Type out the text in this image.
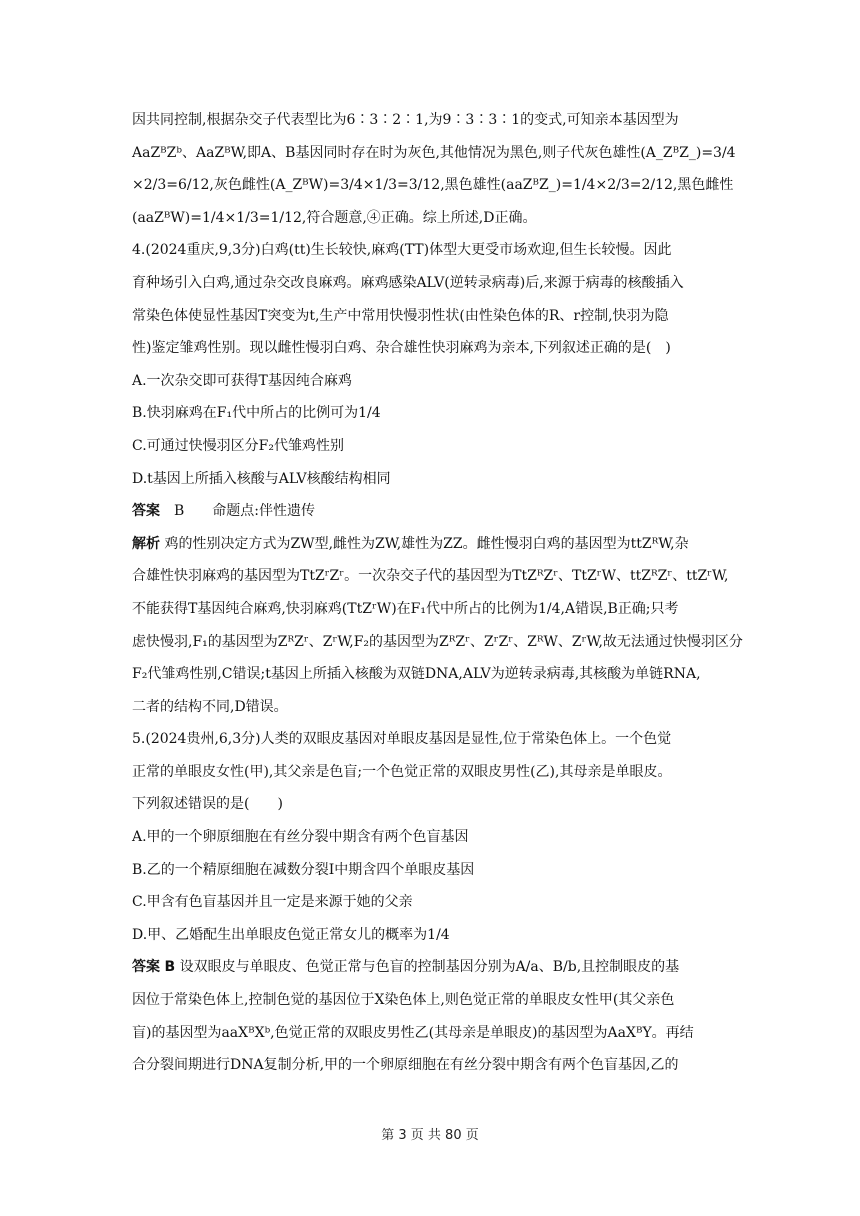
因共同控制,根据杂交子代表型比为6∶3∶2∶1,为9∶3∶3∶1的变式,可知亲本基因型为

AaZᴮZᵇ、AaZᴮW,即A、B基因同时存在时为灰色,其他情况为黑色,则子代灰色雄性(A_ZᴮZ_)=3/4

×2/3=6/12,灰色雌性(A_ZᴮW)=3/4×1/3=3/12,黑色雄性(aaZᴮZ_)=1/4×2/3=2/12,黑色雌性

(aaZᴮW)=1/4×1/3=1/12,符合题意,④正确。综上所述,D正确。

4.(2024重庆,9,3分)白鸡(tt)生长较快,麻鸡(TT)体型大更受市场欢迎,但生长较慢。因此

育种场引入白鸡,通过杂交改良麻鸡。麻鸡感染ALV(逆转录病毒)后,来源于病毒的核酸插入

常染色体使显性基因T突变为t,生产中常用快慢羽性状(由性染色体的R、r控制,快羽为隐

性)鉴定雏鸡性别。现以雌性慢羽白鸡、杂合雄性快羽麻鸡为亲本,下列叙述正确的是(　)

A.一次杂交即可获得T基因纯合麻鸡

B.快羽麻鸡在F₁代中所占的比例可为1/4

C.可通过快慢羽区分F₂代雏鸡性别

D.t基因上所插入核酸与ALV核酸结构相同

答案 B 命题点:伴性遗传

解析 鸡的性别决定方式为ZW型,雌性为ZW,雄性为ZZ。雌性慢羽白鸡的基因型为ttZᴿW,杂

合雄性快羽麻鸡的基因型为TtZʳZʳ。一次杂交子代的基因型为TtZᴿZʳ、TtZʳW、ttZᴿZʳ、ttZʳW,

不能获得T基因纯合麻鸡,快羽麻鸡(TtZʳW)在F₁代中所占的比例为1/4,A错误,B正确;只考

虑快慢羽,F₁的基因型为ZᴿZʳ、ZʳW,F₂的基因型为ZᴿZʳ、ZʳZʳ、ZᴿW、ZʳW,故无法通过快慢羽区分

F₂代雏鸡性别,C错误;t基因上所插入核酸为双链DNA,ALV为逆转录病毒,其核酸为单链RNA,

二者的结构不同,D错误。

5.(2024贵州,6,3分)人类的双眼皮基因对单眼皮基因是显性,位于常染色体上。一个色觉

正常的单眼皮女性(甲),其父亲是色盲;一个色觉正常的双眼皮男性(乙),其母亲是单眼皮。

下列叙述错误的是(　　)

A.甲的一个卵原细胞在有丝分裂中期含有两个色盲基因

B.乙的一个精原细胞在减数分裂Ⅰ中期含四个单眼皮基因

C.甲含有色盲基因并且一定是来源于她的父亲

D.甲、乙婚配生出单眼皮色觉正常女儿的概率为1/4

答案 B 设双眼皮与单眼皮、色觉正常与色盲的控制基因分别为A/a、B/b,且控制眼皮的基

因位于常染色体上,控制色觉的基因位于X染色体上,则色觉正常的单眼皮女性甲(其父亲色

盲)的基因型为aaXᴮXᵇ,色觉正常的双眼皮男性乙(其母亲是单眼皮)的基因型为AaXᴮY。再结

合分裂间期进行DNA复制分析,甲的一个卵原细胞在有丝分裂中期含有两个色盲基因,乙的

第 3 页 共 80 页
